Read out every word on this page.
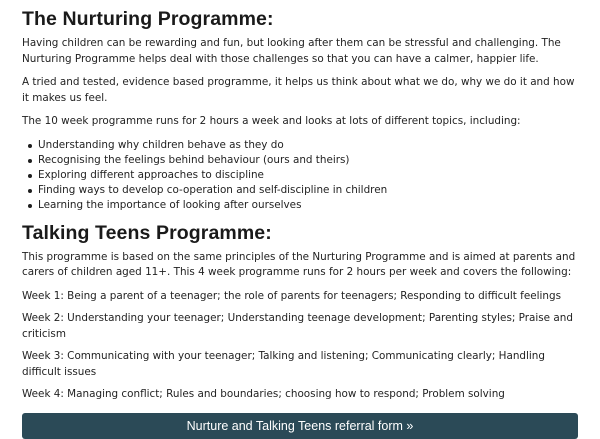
The Nurturing Programme:

Having children can be rewarding and fun, but looking after them can be stressful and challenging. The Nurturing Programme helps deal with those challenges so that you can have a calmer, happier life.

A tried and tested, evidence based programme, it helps us think about what we do, why we do it and how it makes us feel.

The 10 week programme runs for 2 hours a week and looks at lots of different topics, including:

Understanding why children behave as they do
Recognising the feelings behind behaviour (ours and theirs)
Exploring different approaches to discipline
Finding ways to develop co-operation and self-discipline in children
Learning the importance of looking after ourselves
Talking Teens Programme:

This programme is based on the same principles of the Nurturing Programme and is aimed at parents and carers of children aged 11+. This 4 week programme runs for 2 hours per week and covers the following:

Week 1: Being a parent of a teenager; the role of parents for teenagers; Responding to difficult feelings

Week 2: Understanding your teenager; Understanding teenage development; Parenting styles; Praise and criticism

Week 3: Communicating with your teenager; Talking and listening; Communicating clearly; Handling difficult issues

Week 4: Managing conflict; Rules and boundaries; choosing how to respond; Problem solving

Nurture and Talking Teens referral form »
